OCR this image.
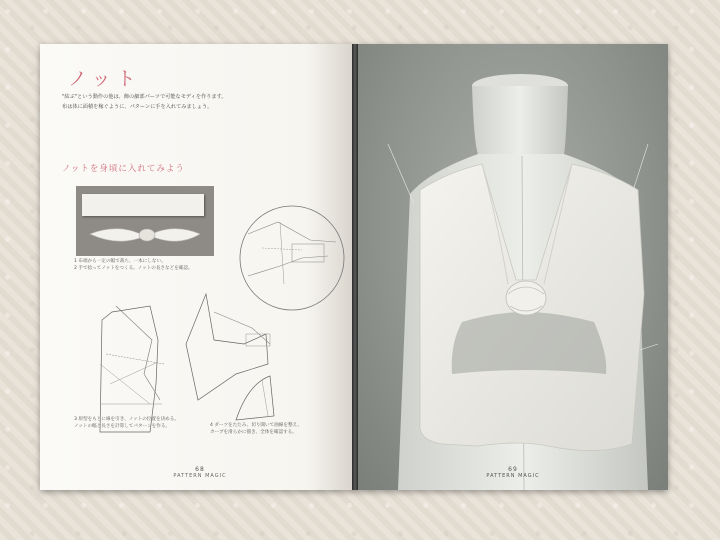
ノット

"結ぶ"という動作の他は、飾の細部パーツで可能なモディを作ります。

布は体に面積を稼ぐように、パターンに手を入れてみましょう。

ノットを身頃に入れてみよう
1 布端から一定の幅で裁ち、一本にしない。
2 手で捻ってノットをつくる。ノットの長さなどを確認。
3 原型をもとに線を引き、ノットの位置を決める。
ノットの幅と長さを計算してパターンを作る。	4 ダーツをたたみ、切り開いて曲線を整え、
カーブを滑らかに描き、全体を確認する。
68
PATTERN MAGIC
69
PATTERN MAGIC
